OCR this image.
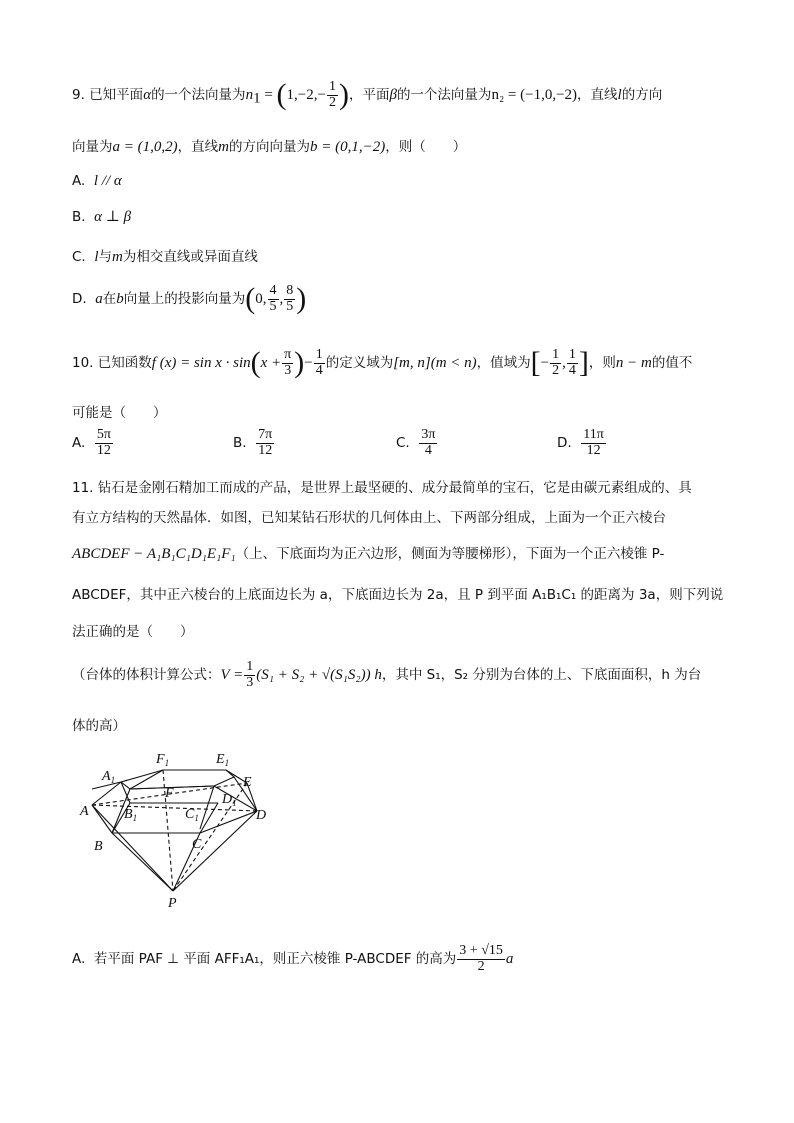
9. 已知平面α的一个法向量为$n_1 = (1,-2,- \frac{1}{2}$ )，平面β的一个法向量为n₂ = (−1,0,−2)，直线l的方向
向量为a = (1,0,2)，直线m的方向向量为b = (0,1,−2)，则（　　）
A. l // α
B. α ⊥ β
C. l与m为相交直线或异面直线
D. a在b向量上的投影向量为(0, $\frac{4}{5}$ , $\frac{8}{5}$ )
10. 已知函数f $(x) = \sin x \cdot \sin(x + \frac{\pi}{3}$ )− $\frac{1}{4}$ 的定义域为[m, n](m < n)，值域为[− $\frac{1}{2}$ , $\frac{1}{4}$ ]，则n − m的值不
可能是（　　）
A. $\frac{5\pi}{12}$	B. $\frac{7\pi}{12}$	C. $\frac{3\pi}{4}$	D. $\frac{11\pi}{12}$
11. 钻石是金刚石精加工而成的产品，是世界上最坚硬的、成分最简单的宝石，它是由碳元素组成的、具
有立方结构的天然晶体．如图，已知某钻石形状的几何体由上、下两部分组成，上面为一个正六棱台
ABCDEF − A₁B₁C₁D₁E₁F₁（上、下底面均为正六边形，侧面为等腰梯形），下面为一个正六棱锥 P-
ABCDEF，其中正六棱台的上底面边长为 a，下底面边长为 2a，且 P 到平面 A₁B₁C₁ 的距离为 3a，则下列说
法正确的是（　　）
（台体的体积计算公式：$V = \frac{1}{3} (S_1 + S_2 + √(S_1S_2))$ h，其中 S₁，S₂ 分别为台体的上、下底面面积，h 为台
体的高）
$A_1$
$F_1$	$E_1$
E
F	$D_1$
A	$B_1$	$C_1$	D
B	C
P
A. 若平面 PAF ⊥ 平面 AFF₁A₁，则正六棱锥 P-ABCDEF 的高为 $\frac{3 + √15}{2}$ a
